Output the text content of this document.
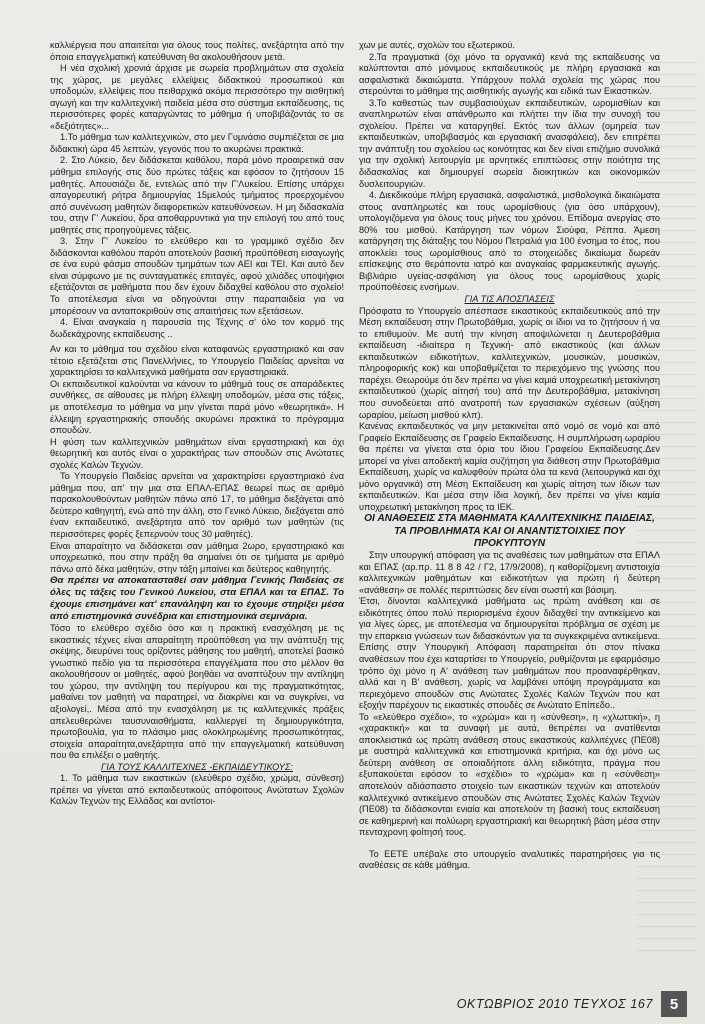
καλλιέργεια που απαιτείται για όλους τους πολίτες, ανεξάρτητα από την όποια επαγγελματική κατεύθυνση θα ακολουθήσουν μετά.

Η νέα σχολική χρονιά άρχισε με σωρεία προβλημάτων στα σχολεία της χώρας, με μεγάλες ελλείψεις διδακτικού προσωπικού και υποδομών, ελλείψεις που πειθαρχικά ακόμα περισσότερο την αισθητική αγωγή και την καλλιτεχνική παιδεία μέσα στο σύστημα εκπαίδευσης, τις περισσότερες φορές καταργώντας το μάθημα ή υποβιβάζοντάς το σε «δεξιότητες»...

1.Το μάθημα των καλλιτεχνικών, στο μεν Γυμνάσιο συμπιέζεται σε μια διδακτική ώρα 45 λεπτών, γεγονός που το ακυρώνει πρακτικά.

2. Στο Λύκειο, δεν διδάσκεται καθόλου, παρά μόνο προαιρετικά σαν μάθημα επιλογής στις δύο πρώτες τάξεις και εφόσον το ζητήσουν 15 μαθητές. Απουσιάζει δε, εντελώς από την Γ'Λυκείου. Επίσης υπάρχει απαγορευτική ρήτρα δημιουργίας 15μελούς τμήματος προερχομένου από συνένωση μαθητών διαφορετικών κατευθύνσεων. Η μη διδασκαλία του, στην Γ' Λυκείου, δρα αποθαρρυντικά για την επιλογή του από τους μαθητές στις προηγούμενες τάξεις.

3. Στην Γ' Λυκείου το ελεύθερο και το γραμμικό σχέδιο δεν διδάσκονται καθόλου παρότι αποτελούν βασική προϋπόθεση εισαγωγής σε ένα ευρύ φάσμα σπουδών τμημάτων των ΑΕΙ και ΤΕΙ. Και αυτό δεν είναι σύμφωνο με τις συνταγματικές επιταγές, αφού χιλιάδες υποψήφιοι εξετάζονται σε μαθήματα που δεν έχουν διδαχθεί καθόλου στο σχολείο! Το αποτέλεσμα είναι να οδηγούνται στην παραπαιδεία για να μπορέσουν να ανταποκριθούν στις απαιτήσεις των εξετάσεων.

4. Είναι αναγκαία η παρουσία της Τέχνης σ' όλο τον κορμό της δωδεκάχρονης εκπαίδευσης ..

Αν και το μάθημα του σχεδίου είναι καταφανώς εργαστηριακό και σαν τέτοιο εξετάζεται στις Πανελλήνιες, το Υπουργείο Παιδείας αρνείται να χαρακτηρίσει τα καλλιτεχνικά μαθήματα σαν εργαστηριακά.

Οι εκπαιδευτικοί καλούνται να κάνουν το μάθημά τους σε απαράδεκτες συνθήκες, σε αίθουσες με πλήρη έλλειψη υποδομών, μέσα στις τάξεις, με αποτέλεσμα το μάθημα να μην γίνεται παρά μόνο «θεωρητικά». Η έλλειψη εργαστηριακής σπουδής ακυρώνει πρακτικά το πρόγραμμα σπουδών.

Η φύση των καλλιτεχνικών μαθημάτων είναι εργαστηριακή και όχι θεωρητική και αυτός είναι ο χαρακτήρας των σπουδών στις Ανώτατες σχολές Καλών Τεχνών.

Το Υπουργείο Παιδείας αρνείται να χαρακτηρίσει εργαστηριακό ένα μάθημα που, απ' την μια στα ΕΠΑΛ-ΕΠΑΣ θεωρεί πως σε αριθμό παρακολουθούντων μαθητών πάνω από 17, το μάθημα διεξάγεται από δεύτερο καθηγητή, ενώ από την άλλη, στο Γενικό Λύκειο, διεξάγεται από έναν εκπαιδευτικό, ανεξάρτητα από τον αριθμό των μαθητών (τις περισσότερες φορές ξεπερνούν τους 30 μαθητές).

Είναι απαραίτητο να διδάσκεται σαν μάθημα 2ωρο, εργαστηριακό και υποχρεωτικό, που στην πράξη θα σημαίνει ότι σε τμήματα με αριθμό πάνω από δέκα μαθητών, στην τάξη μπαίνει και δεύτερος καθηγητής.

Θα πρέπει να αποκατασταθεί σαν μάθημα Γενικής Παιδείας σε όλες τις τάξεις του Γενικού Λυκείου, στα ΕΠΑΛ και τα ΕΠΑΣ. Το έχουμε επισημάνει κατ' επανάληψη και το έχουμε στηρίξει μέσα από επιστημονικά συνέδρια και επιστημονικά σεμινάρια.

Τόσο το ελεύθερο σχέδιο όσο και η πρακτική ενασχόληση με τις εικαστικές τέχνες είναι απαραίτητη προϋπόθεση για την ανάπτυξη της σκέψης, διευρύνει τους ορίζοντες μάθησης του μαθητή, αποτελεί βασικό γνωστικό πεδίο για τα περισσότερα επαγγέλματα που στο μέλλον θα ακολουθήσουν οι μαθητές, αφού βοηθάει να αναπτύξουν την αντίληψη του χώρου, την αντίληψη του περίγυρου και της πραγματικότητας, μαθαίνει τον μαθητή να παρατηρεί, να διακρίνει και να συγκρίνει, να αξιολογεί,. Μέσα από την ενασχόληση με τις καλλιτεχνικές πράξεις απελευθερώνει ταυσυναισθήματα, καλλιεργεί τη δημιουργικότητα, πρωτοβουλία, για το πλάσιμο μιας ολοκληρωμένης προσωπικότητας, στοιχεία απαραίτητα,ανεξάρτητα από την επαγγελματική κατεύθυνση που θα επιλέξει ο μαθητής.

ΓΙΑ ΤΟΥΣ ΚΑΛΛΙΤΕΧΝΕΣ -ΕΚΠΑΙΔΕΥΤΙΚΟΥΣ:

1. Το μάθημα των εικαστικών (ελεύθερο σχέδιο, χρώμα, σύνθεση) πρέπει να γίνεται από εκπαιδευτικούς απόφοιτους Ανώτατων Σχολών Καλών Τεχνών της Ελλάδας και αντίστοι-

χων με αυτές, σχολών του εξωτερικού.

2.Τα πραγματικά (όχι μόνο τα οργανικά) κενά της εκπαίδευσης να καλύπτονται από μόνιμους εκπαιδευτικούς με πλήρη εργασιακά και ασφαλιστικά δικαιώματα. Υπάρχουν πολλά σχολεία της χώρας που στερούνται το μάθημα της αισθητικής αγωγής και ειδικά των Εικαστικών.

3.Το καθεστώς των συμβασιούχων εκπαιδευτικών, ωρομισθίων και αναπληρωτών είναι απάνθρωπο και πλήττει την ίδια την συνοχή του σχολείου. Πρέπει να καταργηθεί. Εκτός των άλλων (ομηρεία των εκπαιδευτικών, υποβιβασμός και εργασιακή ανασφάλεια), δεν επιτρέπει την ανάπτυξη του σχολείου ως κοινότητας και δεν είναι επιζήμιο συνολικά για την σχολική λειτουργία με αρνητικές επιπτώσεις στην ποιότητα της διδασκαλίας και δημιουργεί σωρεία διοικητικών και οικονομικών δυσλειτουργιών.

4. Διεκδικούμε πλήρη εργασιακά, ασφαλιστικά, μισθολογικά δικαιώματα στους αναπληρωτές και τους ωρομίσθιους (για όσο υπάρχουν), υπολογιζόμενα για όλους τους μήνες του χρόνου. Επίδομα ανεργίας στο 80% του μισθού. Κατάργηση των νόμων Σιούφα, Ρέππα. Άμεση κατάργηση της διάταξης του Νόμου Πετραλιά για 100 ένσημα το έτος, που αποκλείει τους ωρομίσθιους από το στοιχειώδες δικαίωμα δωρεάν επίσκεψης στο θεράποντα ιατρό και αναγκαίας φαρμακευτικής αγωγής. Βιβλιάριο υγείας-ασφάλιση για όλους τους ωρομίσθιους χωρίς προϋποθέσεις ενσήμων.

ΓΙΑ ΤΙΣ ΑΠΟΣΠΑΣΕΙΣ

Πρόσφατα το Υπουργείο απέσπασε εικαστικούς εκπαιδευτικούς από την Μέση εκπαίδευση στην Πρωτοβάθμια, χωρίς οι ίδιοι να το ζητήσουν ή να το επιθυμούν. Με αυτή την κίνηση αποψιλώνεται η Δευτεροβάθμια εκπαίδευση -ιδιαίτερα η Τεχνική- από εικαστικούς (και άλλων εκπαιδευτικών ειδικοτήτων, καλλιτεχνικών, μουσικών, μουσικών, πληροφορικής κοκ) και υποβαθμίζεται το περιεχόμενο της γνώσης που παρέχει. Θεωρούμε ότι δεν πρέπει να γίνει καμιά υποχρεωτική μετακίνηση εκπαιδευτικού (χωρίς αίτησή του) από την Δευτεροβάθμια, μετακίνηση που συνοδεύεται από ανατροπή των εργασιακών σχέσεων (αύξηση ωραρίου, μείωση μισθού κλπ).

Κανένας εκπαιδευτικός να μην μετακινείται από νομό σε νομό και από Γραφείο Εκπαίδευσης σε Γραφείο Εκπαίδευσης. Η συμπλήρωση ωραρίου θα πρέπει να γίνεται στα όρια του ίδιου Γραφείου Εκπαίδευσης.Δεν μπορεί να γίνει αποδεκτή καμία συζήτηση για διάθεση στην Πρωτοβάθμια Εκπαίδευση, χωρίς να καλυφθούν πρώτα όλα τα κενά (λειτουργικά και όχι μόνο οργανικά) στη Μέση Εκπαίδευση και χωρίς αίτηση των ίδιων των εκπαιδευτικών. Και μέσα στην ίδια λογική, δεν πρέπει να γίνει καμία υποχρεωτική μετακίνηση προς τα ΙΕΚ.

ΟΙ ΑΝΑΘΕΣΕΙΣ ΣΤΑ ΜΑΘΗΜΑΤΑ ΚΑΛΛΙΤΕΧΝΙΚΗΣ ΠΑΙΔΕΙΑΣ, ΤΑ ΠΡΟΒΛΗΜΑΤΑ ΚΑΙ ΟΙ ΑΝΑΝΤΙΣΤΟΙΧΙΕΣ ΠΟΥ ΠΡΟΚΥΠΤΟΥΝ

Στην υπουργική απόφαση για τις αναθέσεις των μαθημάτων στα ΕΠΑΛ και ΕΠΑΣ (αρ.πρ. 11 8 8 42 / Γ2, 17/9/2008), η καθορίζομενη αντιστοιχία καλλιτεχνικών μαθημάτων και ειδικοτήτων για πρώτη ή δεύτερη «ανάθεση» σε πολλές περιπτώσεις δεν είναι σωστή και βάσιμη.

Έτσι, δίνονται καλλιτεχνικά μαθήματα ως πρώτη ανάθεση και σε ειδικότητες όπου πολύ περιορισμένα έχουν διδαχθεί την αντικείμενο και για λίγες ώρες, με αποτέλεσμα να δημιουργείται πρόβλημα σε σχέση με την επαρκεια γνώσεων των διδασκόντων για τα συγκεκριμένα αντικείμενα. Επίσης στην Υπουργική Απόφαση παρατηρείται ότι στον πίνακα αναθέσεων που έχει καταρτίσει το Υπουργείο, ρυθμίζονται με εφαρμόσιμο τρόπο όχι μόνο η Α' ανάθεση των μαθημάτων που προαναφέρθηκαν, αλλά και η Β' ανάθεση, χωρίς να λαμβάνει υπόψη προγράμματα και περιεχόμενο σπουδών στις Ανώτατες Σχολές Καλών Τεχνών που κατ εξοχήν παρέχουν τις εικαστικές σπουδές σε Ανώτατο Επίπεδο..

Το «ελεύθερο σχέδιο», το «χρώμα» και η «σύνθεση», η «χλωττική», η «χαρακτική» και τα συναφή με αυτά, θεπρέπει να ανατίθενται αποκλειστικά ως πρώτη ανάθεση στους εικαστικούς καλλιτέχνες (ΠΕ08) με αυστηρά καλλιτεχνικά και επιστημονικά κριτήρια, και όχι μόνο ως δεύτερη ανάθεση σε οποιαδήποτε άλλη ειδικότητα, πράγμα που εξυπακούεται εφόσον το «σχέδιο» το «χρώμα» και η «σύνθεση» αποτελούν αδιάσπαστο στοιχείο των εικαστικών τεχνών και αποτελούν καλλιτεχνικό αντικείμενο σπουδών στις Ανώτατες Σχολές Καλών Τεχνών (ΠΕ08) τα διδάσκονται ενιαία και αποτελούν τη βασική τους εκπαίδευση σε καθημερινή και πολύωρη εργαστηριακή και θεωρητική βάση μέσα στην πενταχρονη φοίτησή τους.

Το ΕΕΤΕ υπέβαλε στο υπουργείο αναλυτικές παρατηρήσεις για τις αναθέσεις σε κάθε μάθημα.

ΟΚΤΩΒΡΙΟΣ 2010 ΤΕΥΧΟΣ 167	5
